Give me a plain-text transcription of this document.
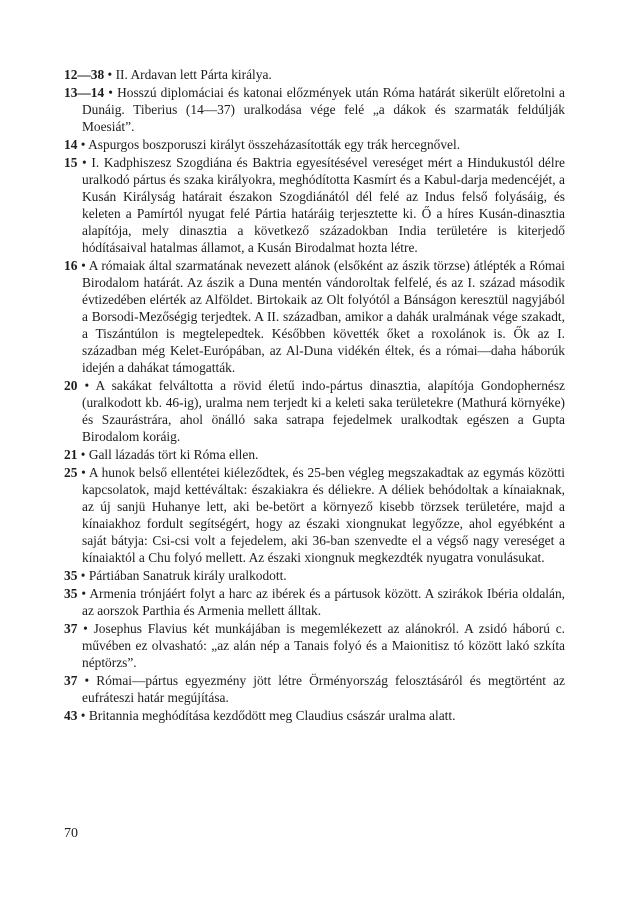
12—38 • II. Ardavan lett Párta királya.

13—14 • Hosszú diplomáciai és katonai előzmények után Róma határát sikerült előretolni a Dunáig. Tiberius (14—37) uralkodása vége felé „a dákok és szarmaták feldúlják Moesiát”.

14 • Aspurgos boszporuszi királyt összeházasították egy trák hercegnővel.

15 • I. Kadphiszesz Szogdiána és Baktria egyesítésével vereséget mért a Hindukustól délre uralkodó pártus és szaka királyokra, meghódította Kasmírt és a Kabul-darja medencéjét, a Kusán Királyság határait északon Szogdiánától dél felé az Indus felső folyásáig, és keleten a Pamírtól nyugat felé Pártia határáig terjesztette ki. Ő a híres Kusán-dinasztia alapítója, mely dinasztia a következő századokban India területére is kiterjedő hódításaival hatalmas államot, a Kusán Birodalmat hozta létre.

16 • A rómaiak által szarmatának nevezett alánok (elsőként az ászik törzse) átlépték a Római Birodalom határát. Az ászik a Duna mentén vándoroltak felfelé, és az I. század második évtizedében elérték az Alföldet. Birtokaik az Olt folyótól a Bánságon keresztül nagyjából a Borsodi-Mezőségig terjedtek. A II. században, amikor a dahák uralmának vége szakadt, a Tiszántúlon is megtelepedtek. Későbben követték őket a roxolánok is. Ők az I. században még Kelet-Európában, az Al-Duna vidékén éltek, és a római—daha háborúk idején a dahákat támogatták.

20 • A sakákat felváltotta a rövid életű indo-pártus dinasztia, alapítója Gondophernész (uralkodott kb. 46-ig), uralma nem terjedt ki a keleti saka területekre (Mathurá környéke) és Szaurástrára, ahol önálló saka satrapa fejedelmek uralkodtak egészen a Gupta Birodalom koráig.

21 • Gall lázadás tört ki Róma ellen.

25 • A hunok belső ellentétei kiéleződtek, és 25-ben végleg megszakadtak az egymás közötti kapcsolatok, majd kettéváltak: északiakra és déliekre. A déliek behódoltak a kínaiaknak, az új sanjü Huhanye lett, aki be-betört a környező kisebb törzsek területére, majd a kínaiakhoz fordult segítségért, hogy az északi xiongnukat legyőzze, ahol egyébként a saját bátyja: Csi-csi volt a fejedelem, aki 36-ban szenvedte el a végső nagy vereséget a kínaiaktól a Chu folyó mellett. Az északi xiongnuk megkezdték nyugatra vonulásukat.

35 • Pártiában Sanatruk király uralkodott.

35 • Armenia trónjáért folyt a harc az ibérek és a pártusok között. A szirákok Ibéria oldalán, az aorszok Parthia és Armenia mellett álltak.

37 • Josephus Flavius két munkájában is megemlékezett az alánokról. A zsidó háború c. művében ez olvasható: „az alán nép a Tanais folyó és a Maionitisz tó között lakó szkíta néptörzs”.

37 • Római—pártus egyezmény jött létre Örményország felosztásáról és megtörtént az eufráteszi határ megújítása.

43 • Britannia meghódítása kezdődött meg Claudius császár uralma alatt.

70
